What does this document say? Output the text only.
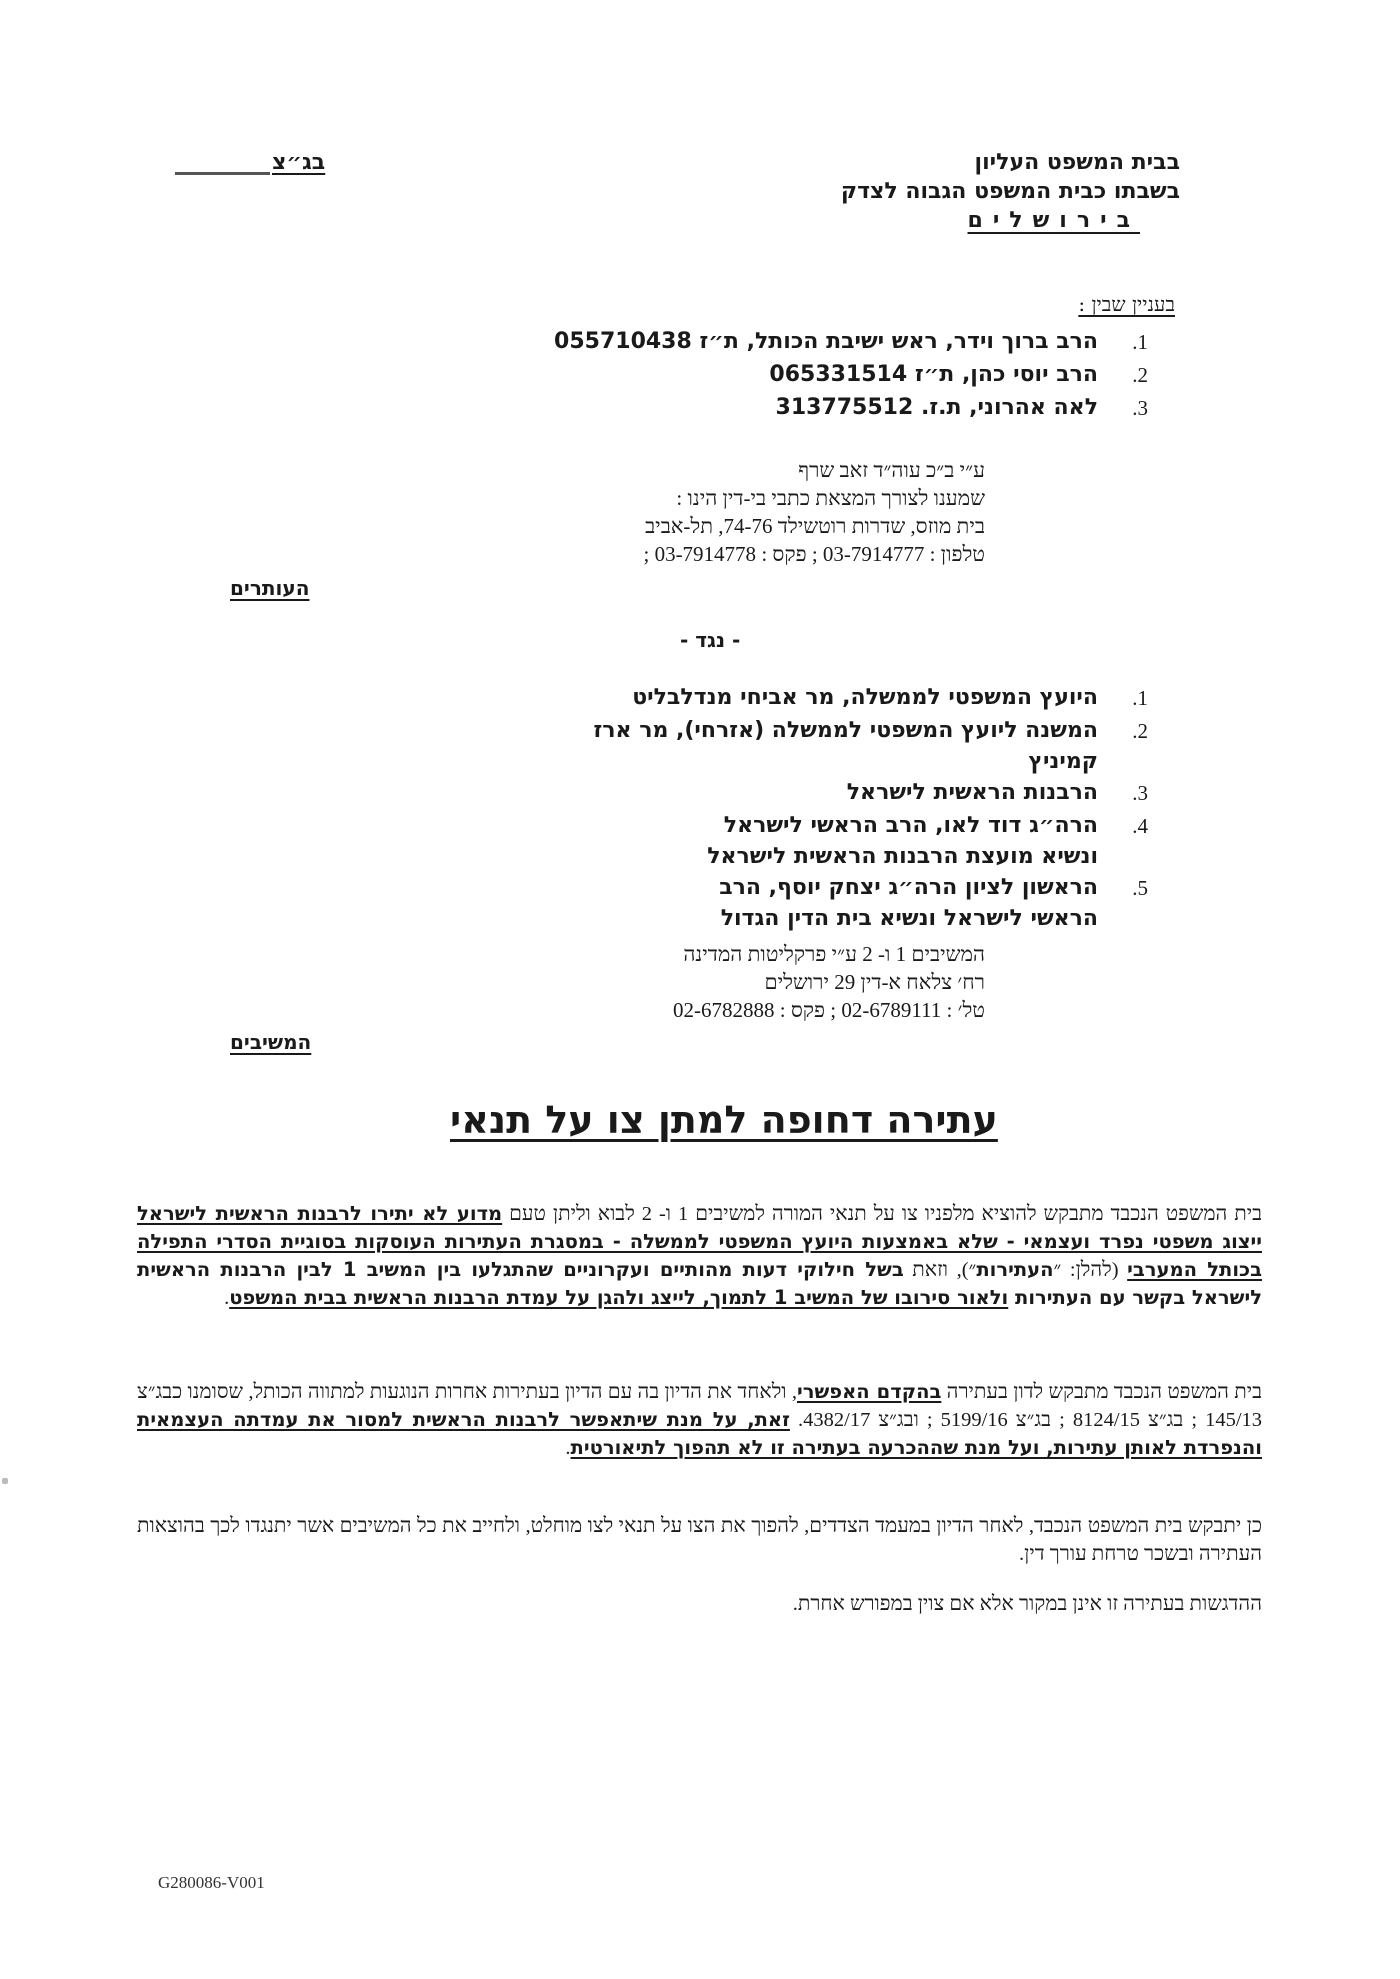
בבית המשפט העליון
בשבתו כבית המשפט הגבוה לצדק
בירושלים
בג״צ
בעניין שבין :
1.
הרב ברוך וידר, ראש ישיבת הכותל, ת״ז 055710438
2.
הרב יוסי כהן, ת״ז 065331514
3.
לאה אהרוני, ת.ז. 313775512
ע״י ב״כ עוה״ד זאב שרף
שמענו לצורך המצאת כתבי בי-דין הינו :
בית מוזס, שדרות רוטשילד 74-76, תל-אביב
טלפון : 03-7914777 ; פקס : 03-7914778 ;
העותרים
- נגד -
1.
היועץ המשפטי לממשלה, מר אביחי מנדלבליט
2.
המשנה ליועץ המשפטי לממשלה (אזרחי), מר ארז קמיניץ
3.
הרבנות הראשית לישראל
4.
הרה״ג דוד לאו, הרב הראשי לישראל ונשיא מועצת הרבנות הראשית לישראל
5.
הראשון לציון הרה״ג יצחק יוסף, הרב הראשי לישראל ונשיא בית הדין הגדול
המשיבים 1 ו- 2 ע״י פרקליטות המדינה
רח׳ צלאח א-דין 29 ירושלים
טל׳ : 02-6789111 ; פקס : 02-6782888
המשיבים
עתירה דחופה למתן צו על תנאי
בית המשפט הנכבד מתבקש להוציא מלפניו צו על תנאי המורה למשיבים 1 ו- 2 לבוא וליתן טעם מדוע לא יתירו לרבנות הראשית לישראל ייצוג משפטי נפרד ועצמאי - שלא באמצעות היועץ המשפטי לממשלה - במסגרת העתירות העוסקות בסוגיית הסדרי התפילה בכותל המערבי (להלן: ״העתירות״), וזאת בשל חילוקי דעות מהותיים ועקרוניים שהתגלעו בין המשיב 1 לבין הרבנות הראשית לישראל בקשר עם העתירות ולאור סירובו של המשיב 1 לתמוך, לייצג ולהגן על עמדת הרבנות הראשית בבית המשפט.
בית המשפט הנכבד מתבקש לדון בעתירה בהקדם האפשרי, ולאחד את הדיון בה עם הדיון בעתירות אחרות הנוגעות למתווה הכותל, שסומנו כבג״צ 145/13 ; בג״צ 8124/15 ; בג״צ 5199/16 ; ובג״צ 4382/17. זאת, על מנת שיתאפשר לרבנות הראשית למסור את עמדתה העצמאית והנפרדת לאותן עתירות, ועל מנת שההכרעה בעתירה זו לא תהפוך לתיאורטית.
כן יתבקש בית המשפט הנכבד, לאחר הדיון במעמד הצדדים, להפוך את הצו על תנאי לצו מוחלט, ולחייב את כל המשיבים אשר יתנגדו לכך בהוצאות העתירה ובשכר טרחת עורך דין.
ההדגשות בעתירה זו אינן במקור אלא אם צוין במפורש אחרת.
G280086-V001
